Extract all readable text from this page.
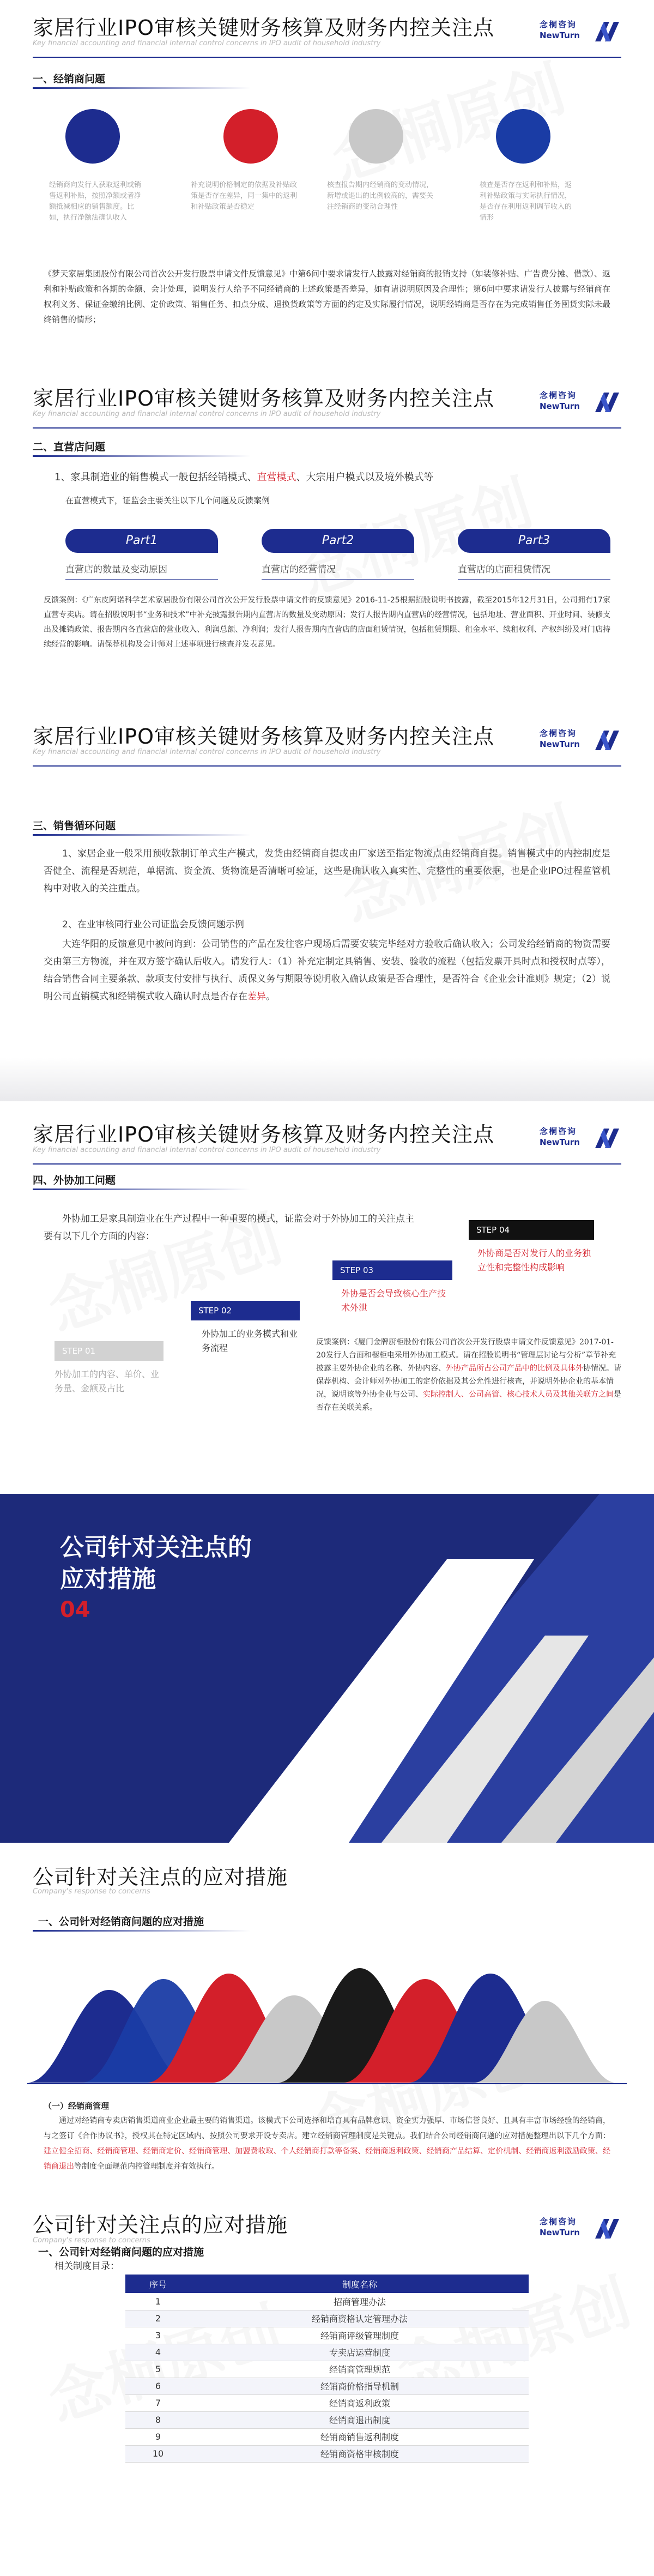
家居行业IPO审核关键财务核算及财务内控关注点
Key financial accounting and financial internal control concerns in IPO audit of household industry
念桐咨询
NewTurn
一、经销商问题
经销商向发行人获取返利或销售返利补贴，按照净额或者净额抵减相应的销售额度。比如，执行净额法确认收入
补充说明价格制定的依据及补贴政策是否存在差异，同一集中的返利和补贴政策是否稳定
核查报告期内经销商的变动情况，新增或退出的比例较高的，需要关注经销商的变动合理性
核查是否存在返利和补贴，返利补贴政策与实际执行情况，是否存在利用返利调节收入的情形
《梦天家居集团股份有限公司首次公开发行股票申请文件反馈意见》中第6问中要求请发行人披露对经销商的报销支持（如装修补贴、广告费分摊、借款）、返利和补贴政策和各期的金额、会计处理，说明发行人给予不同经销商的上述政策是否差异，如有请说明原因及合理性；第6问中要求请发行人披露与经销商在权利义务、保证金缴纳比例、定价政策、销售任务、扣点分成、退换货政策等方面的约定及实际履行情况，说明经销商是否存在为完成销售任务囤货实际未最终销售的情形；
家居行业IPO审核关键财务核算及财务内控关注点
Key financial accounting and financial internal control concerns in IPO audit of household industry
念桐咨询
NewTurn
二、直营店问题
1、家具制造业的销售模式一般包括经销模式、直营模式、大宗用户模式以及境外模式等
在直营模式下，证监会主要关注以下几个问题及反馈案例
Part1	Part2	Part3
直营店的数量及变动原因	直营店的经营情况	直营店的店面租赁情况
反馈案例：《广东皮阿诺科学艺术家居股份有限公司首次公开发行股票申请文件的反馈意见》2016-11-25根据招股说明书披露，截至2015年12月31日，公司拥有17家直营专卖店。请在招股说明书“业务和技术”中补充披露报告期内直营店的数量及变动原因；发行人报告期内直营店的经营情况，包括地址、营业面积、开业时间、装修支出及摊销政策、报告期内各直营店的营业收入、利润总额、净利润；发行人报告期内直营店的店面租赁情况，包括租赁期限、租金水平、续租权利、产权纠纷及对门店持续经营的影响。请保荐机构及会计师对上述事项进行核查并发表意见。
家居行业IPO审核关键财务核算及财务内控关注点
Key financial accounting and financial internal control concerns in IPO audit of household industry
念桐咨询
NewTurn
三、销售循环问题
1、家居企业一般采用预收款制订单式生产模式，发货由经销商自提或由厂家送至指定物流点由经销商自提。销售模式中的内控制度是否健全、流程是否规范，单据流、资金流、货物流是否清晰可验证，这些是确认收入真实性、完整性的重要依据，也是企业IPO过程监管机构中对收入的关注重点。
2、在业审核同行业公司证监会反馈问题示例
大连华阳的反馈意见中被问询到：公司销售的产品在发往客户现场后需要安装完毕经对方验收后确认收入；公司发给经销商的物资需要交由第三方物流，并在双方签字确认后收入。请发行人：（1）补充定制定具销售、安装、验收的流程（包括发票开具时点和授权时点等），结合销售合同主要条款、款项支付安排与执行、质保义务与期限等说明收入确认政策是否合理性，是否符合《企业会计准则》规定；（2）说明公司直销模式和经销模式收入确认时点是否存在差异。
家居行业IPO审核关键财务核算及财务内控关注点
Key financial accounting and financial internal control concerns in IPO audit of household industry
念桐咨询
NewTurn
四、外协加工问题
外协加工是家具制造业在生产过程中一种重要的模式，证监会对于外协加工的关注点主要有以下几个方面的内容：
STEP 01
STEP 02
STEP 03
STEP 04
外协加工的内容、单价、业务量、金额及占比
外协加工的业务模式和业务流程
外协是否会导致核心生产技术外泄
外协商是否对发行人的业务独立性和完整性构成影响
反馈案例：《厦门金牌厨柜股份有限公司首次公开发行股票申请文件反馈意见》2017-01-20发行人台面和橱柜电采用外协加工模式。请在招股说明书“管理层讨论与分析”章节补充披露主要外协企业的名称、外协内容、外协产品所占公司产品中的比例及具体外协情况。请保荐机构、会计师对外协加工的定价依据及其公允性进行核查，并说明外协企业的基本情况，说明该等外协企业与公司、实际控制人、公司高管、核心技术人员及其他关联方之间是否存在关联关系。
公司针对关注点的
应对措施
04
公司针对关注点的应对措施
Company's response to concerns
一、公司针对经销商问题的应对措施
（一）经销商管理
通过对经销商专卖店销售渠道商业企业最主要的销售渠道。该模式下公司选择和培育具有品牌意识、资金实力强厚、市场信誉良好、且具有丰富市场经验的经销商，与之签订《合作协议书》，授权其在特定区域内、按照公司要求开设专卖店。建立经销商管理制度是关键点。我们结合公司经销商问题的应对措施整理出以下几个方面：建立健全招商、经销商管理、经销商定价、经销商管理、加盟费收取、个人经销商打款等备案、经销商返利政策、经销商产品结算、定价机制、经销商返利激励政策、经销商退出等制度全面规范内控管理制度并有效执行。
公司针对关注点的应对措施
Company's response to concerns
念桐咨询
NewTurn
一、公司针对经销商问题的应对措施
相关制度目录：
序号	制度名称
1	招商管理办法
2	经销商资格认定管理办法
3	经销商评级管理制度
4	专卖店运营制度
5	经销商管理规范
6	经销商价格指导机制
7	经销商返利政策
8	经销商退出制度
9	经销商销售返利制度
10	经销商资格审核制度
